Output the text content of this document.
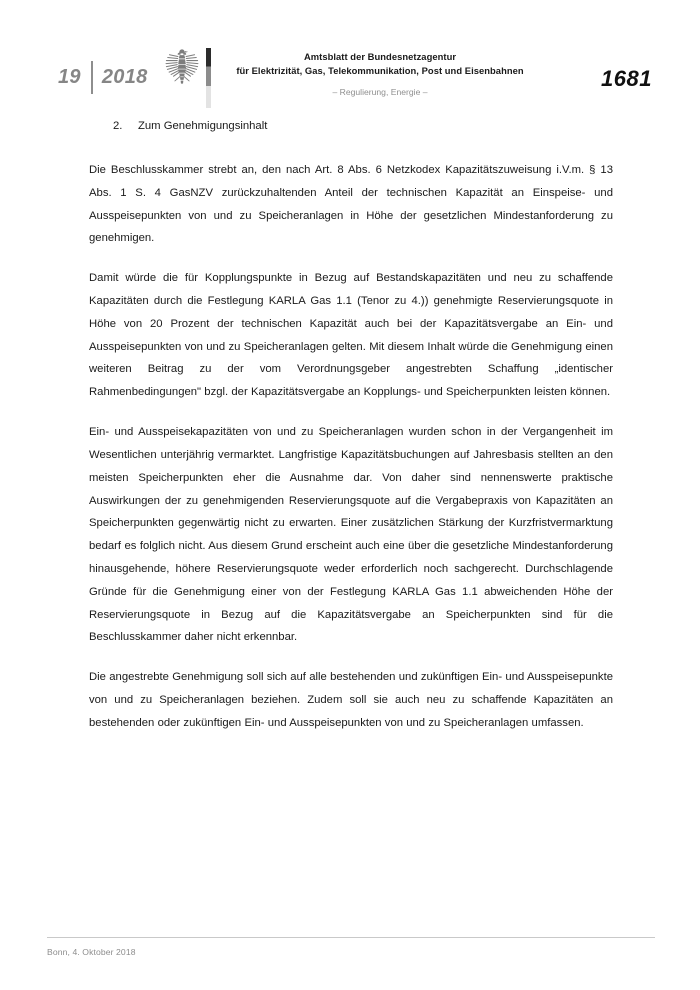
19 2018
Amtsblatt der Bundesnetzagentur
für Elektrizität, Gas, Telekommunikation, Post und Eisenbahnen
– Regulierung, Energie –
1681
2.	Zum Genehmigungsinhalt

Die Beschlusskammer strebt an, den nach Art. 8 Abs. 6 Netzkodex Kapazitätszuweisung i.V.m. § 13 Abs. 1 S. 4 GasNZV zurückzuhaltenden Anteil der technischen Kapazität an Einspeise- und Ausspeisepunkten von und zu Speicheranlagen in Höhe der gesetzlichen Mindestanforderung zu genehmigen.

Damit würde die für Kopplungspunkte in Bezug auf Bestandskapazitäten und neu zu schaffende Kapazitäten durch die Festlegung KARLA Gas 1.1 (Tenor zu 4.)) genehmigte Reservierungsquote in Höhe von 20 Prozent der technischen Kapazität auch bei der Kapazitätsvergabe an Ein- und Ausspeisepunkten von und zu Speicheranlagen gelten. Mit diesem Inhalt würde die Genehmigung einen weiteren Beitrag zu der vom Verordnungsgeber angestrebten Schaffung „identischer Rahmenbedingungen" bzgl. der Kapazitätsvergabe an Kopplungs- und Speicherpunkten leisten können.

Ein- und Ausspeisekapazitäten von und zu Speicheranlagen wurden schon in der Vergangenheit im Wesentlichen unterjährig vermarktet. Langfristige Kapazitätsbuchungen auf Jahresbasis stellten an den meisten Speicherpunkten eher die Ausnahme dar. Von daher sind nennenswerte praktische Auswirkungen der zu genehmigenden Reservierungsquote auf die Vergabepraxis von Kapazitäten an Speicherpunkten gegenwärtig nicht zu erwarten. Einer zusätzlichen Stärkung der Kurzfristvermarktung bedarf es folglich nicht. Aus diesem Grund erscheint auch eine über die gesetzliche Mindestanforderung hinausgehende, höhere Reservierungsquote weder erforderlich noch sachgerecht. Durchschlagende Gründe für die Genehmigung einer von der Festlegung KARLA Gas 1.1 abweichenden Höhe der Reservierungsquote in Bezug auf die Kapazitätsvergabe an Speicherpunkten sind für die Beschlusskammer daher nicht erkennbar.

Die angestrebte Genehmigung soll sich auf alle bestehenden und zukünftigen Ein- und Ausspeisepunkte von und zu Speicheranlagen beziehen. Zudem soll sie auch neu zu schaffende Kapazitäten an bestehenden oder zukünftigen Ein- und Ausspeisepunkten von und zu Speicheranlagen umfassen.

Bonn, 4. Oktober 2018
